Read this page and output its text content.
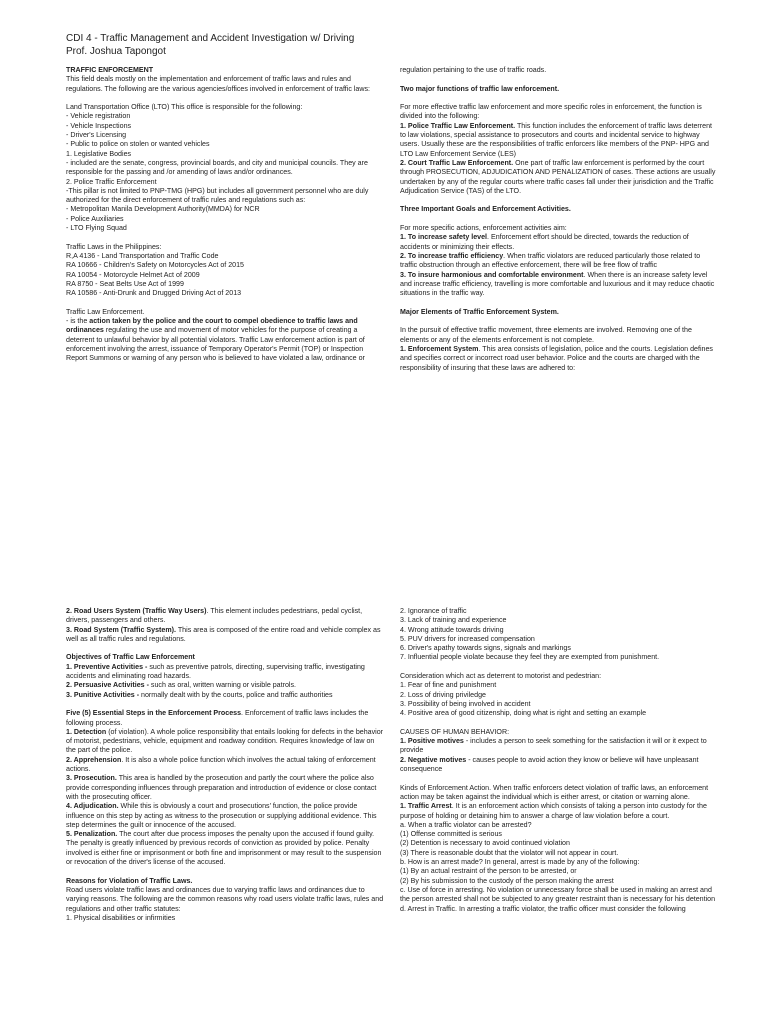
CDI 4 - Traffic Management and Accident Investigation w/ Driving
Prof. Joshua Tapongot

TRAFFIC ENFORCEMENT

This field deals mostly on the implementation and enforcement of traffic laws and rules and regulations. The following are the various agencies/offices involved in enforcement of traffic laws:

Land Transportation Office (LTO) This office is responsible for the following:

- Vehicle registration

- Vehicle Inspections

- Driver's Licensing

- Public to police on stolen or wanted vehicles

1. Legislative Bodies

- included are the senate, congress, provincial boards, and city and municipal councils. They are responsible for the passing and /or amending of laws and/or ordinances.

2. Police Traffic Enforcement

-This pillar is not limited to PNP-TMG (HPG) but includes all government personnel who are duly authorized for the direct enforcement of traffic rules and regulations such as:

- Metropolitan Manila Development Authority(MMDA) for NCR

- Police Auxiliaries

- LTO Flying Squad

Traffic Laws in the Philippines:

R,A 4136 - Land Transportation and Traffic Code

RA 10666 - Children's Safety on Motorcycles Act of 2015

RA 10054 - Motorcycle Helmet Act of 2009

RA 8750 - Seat Belts Use Act of 1999

RA 10586 - Anti-Drunk and Drugged Driving Act of 2013

Traffic Law Enforcement.

- is the action taken by the police and the court to compel obedience to traffic laws and ordinances regulating the use and movement of motor vehicles for the purpose of creating a deterrent to unlawful behavior by all potential violators. Traffic Law enforcement action is part of enforcement involving the arrest, issuance of Temporary Operator's Permit (TOP) or Inspection Report Summons or warning of any person who is believed to have violated a law, ordinance or

regulation pertaining to the use of traffic roads.

Two major functions of traffic law enforcement.

For more effective traffic law enforcement and more specific roles in enforcement, the function is divided into the following:

1. Police Traffic Law Enforcement. This function includes the enforcement of traffic laws deterrent to law violations, special assistance to prosecutors and courts and incidental service to highway users. Usually these are the responsibilities of traffic enforcers like members of the PNP- HPG and LTO Law Enforcement Service (LES)

2. Court Traffic Law Enforcement. One part of traffic law enforcement is performed by the court through PROSECUTION, ADJUDICATION AND PENALIZATION of cases. These actions are usually undertaken by any of the regular courts where traffic cases fall under their jurisdiction and the Traffic Adjudication Service (TAS) of the LTO.

Three Important Goals and Enforcement Activities.

For more specific actions, enforcement activities aim:

1. To increase safety level. Enforcement effort should be directed, towards the reduction of accidents or minimizing their effects.

2. To increase traffic efficiency. When traffic violators are reduced particularly those related to traffic obstruction through an effective enforcement, there will be free flow of traffic

3. To insure harmonious and comfortable environment. When there is an increase safety level and increase traffic efficiency, travelling is more comfortable and luxurious and it may reduce chaotic situations in the traffic way.

Major Elements of Traffic Enforcement System.

In the pursuit of effective traffic movement, three elements are involved. Removing one of the elements or any of the elements enforcement is not complete.

1. Enforcement System. This area consists of legislation, police and the courts. Legislation defines and specifies correct or incorrect road user behavior. Police and the courts are charged with the responsibility of insuring that these laws are adhered to:

2. Road Users System (Traffic Way Users). This element includes pedestrians, pedal cyclist, drivers, passengers and others.

3. Road System (Traffic System). This area is composed of the entire road and vehicle complex as well as all traffic rules and regulations.

Objectives of Traffic Law Enforcement

1. Preventive Activities - such as preventive patrols, directing, supervising traffic, investigating accidents and eliminating road hazards.

2. Persuasive Activities - such as oral, written warning or visible patrols.

3. Punitive Activities - normally dealt with by the courts, police and traffic authorities

Five (5) Essential Steps in the Enforcement Process. Enforcement of traffic laws includes the following process.

1. Detection (of violation). A whole police responsibility that entails looking for defects in the behavior of motorist, pedestrians, vehicle, equipment and roadway condition. Requires knowledge of law on the part of the police.

2. Apprehension. It is also a whole police function which involves the actual taking of enforcement actions.

3. Prosecution. This area is handled by the prosecution and partly the court where the police also provide corresponding influences through preparation and introduction of evidence or close contact with the prosecuting officer.

4. Adjudication. While this is obviously a court and prosecutions' function, the police provide influence on this step by acting as witness to the prosecution or supplying additional evidence. This step determines the guilt or innocence of the accused.

5. Penalization. The court after due process imposes the penalty upon the accused if found guilty. The penalty is greatly influenced by previous records of conviction as provided by police. Penalty involved is either fine or imprisonment or both fine and imprisonment or may result to the suspension or revocation of the driver's license of the accused.

Reasons for Violation of Traffic Laws.

Road users violate traffic laws and ordinances due to varying traffic laws and ordinances due to varying reasons. The following are the common reasons why road users violate traffic laws, rules and regulations and other traffic statutes:

1. Physical disabilities or infirmities

2. Ignorance of traffic

3. Lack of training and experience

4. Wrong attitude towards driving

5. PUV drivers for increased compensation

6. Driver's apathy towards signs, signals and markings

7. Influential people violate because they feel they are exempted from punishment.

Consideration which act as deterrent to motorist and pedestrian:

1. Fear of fine and punishment

2. Loss of driving priviledge

3. Possibility of being involved in accident

4. Positive area of good citizenship, doing what is right and setting an example

CAUSES OF HUMAN BEHAVIOR:

1. Positive motives - includes a person to seek something for the satisfaction it will or it expect to provide

2. Negative motives - causes people to avoid action they know or believe will have unpleasant consequence

Kinds of Enforcement Action. When traffic enforcers detect violation of traffic laws, an enforcement action may be taken against the individual which is either arrest, or citation or warning alone.

1. Traffic Arrest. It is an enforcement action which consists of taking a person into custody for the purpose of holding or detaining him to answer a charge of law violation before a court.

a. When a traffic violator can be arrested?

(1) Offense committed is serious

(2) Detention is necessary to avoid continued violation

(3) There is reasonable doubt that the violator will not appear in court.

b. How is an arrest made? In general, arrest is made by any of the following:

(1) By an actual restraint of the person to be arrested, or

(2) By his submission to the custody of the person making the arrest

c. Use of force in arresting. No violation or unnecessary force shall be used in making an arrest and the person arrested shall not be subjected to any greater restraint than is necessary for his detention

d. Arrest in Traffic. In arresting a traffic violator, the traffic officer must consider the following
